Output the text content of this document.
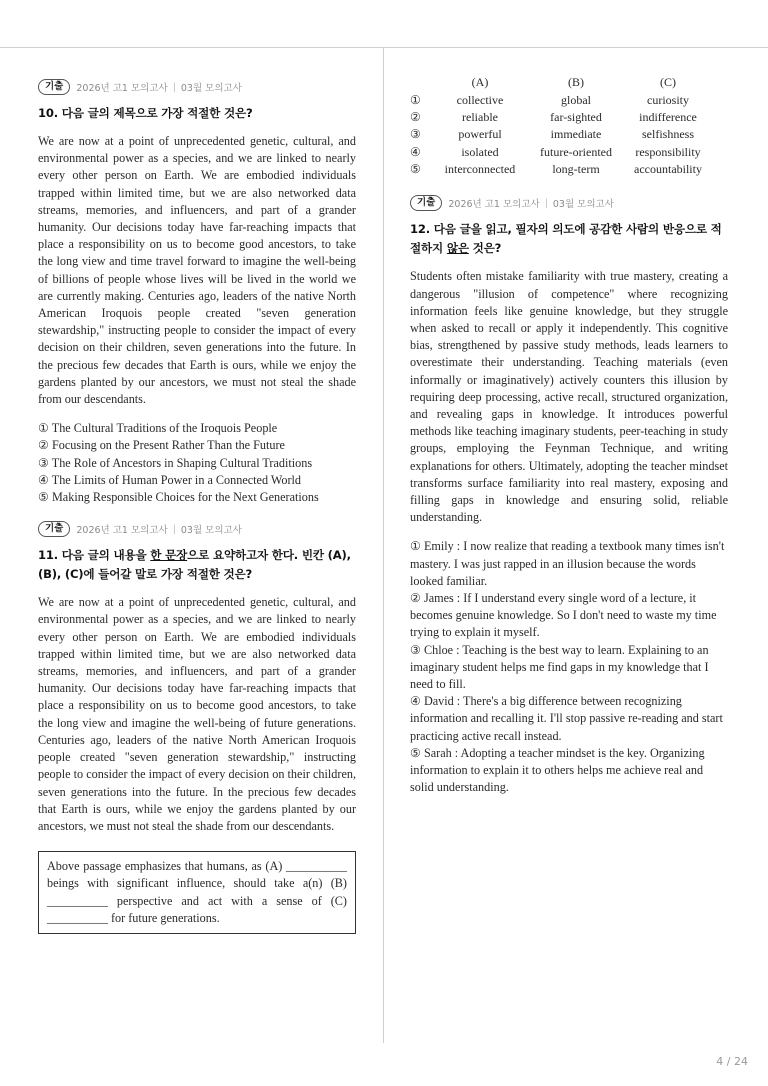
기출	2026년 고1 모의고사 | 03월 모의고사
10. 다음 글의 제목으로 가장 적절한 것은?

We are now at a point of unprecedented genetic, cultural, and environmental power as a species, and we are linked to nearly every other person on Earth. We are embodied individuals trapped within limited time, but we are also networked data streams, memories, and influencers, and part of a grander humanity. Our decisions today have far-reaching impacts that place a responsibility on us to become good ancestors, to take the long view and time travel forward to imagine the well-being of billions of people whose lives will be lived in the world we are currently making. Centuries ago, leaders of the native North American Iroquois people created "seven generation stewardship," instructing people to consider the impact of every decision on their children, seven generations into the future. In the precious few decades that Earth is ours, while we enjoy the gardens planted by our ancestors, we must not steal the shade from our descendants.

① The Cultural Traditions of the Iroquois People
② Focusing on the Present Rather Than the Future
③ The Role of Ancestors in Shaping Cultural Traditions
④ The Limits of Human Power in a Connected World
⑤ Making Responsible Choices for the Next Generations
기출	2026년 고1 모의고사 | 03월 모의고사
11. 다음 글의 내용을 한 문장으로 요약하고자 한다. 빈칸 (A), (B), (C)에 들어갈 말로 가장 적절한 것은?

We are now at a point of unprecedented genetic, cultural, and environmental power as a species, and we are linked to nearly every other person on Earth. We are embodied individuals trapped within limited time, but we are also networked data streams, memories, and influencers, and part of a grander humanity. Our decisions today have far-reaching impacts that place a responsibility on us to become good ancestors, to take the long view and imagine the well-being of future generations. Centuries ago, leaders of the native North American Iroquois people created "seven generation stewardship," instructing people to consider the impact of every decision on their children, seven generations into the future. In the precious few decades that Earth is ours, while we enjoy the gardens planted by our ancestors, we must not steal the shade from our descendants.

Above passage emphasizes that humans, as (A) __________ beings with significant influence, should take a(n) (B) __________ perspective and act with a sense of (C) __________ for future generations.
	(A)	(B)	(C)
①	collective	global	curiosity
②	reliable	far-sighted	indifference
③	powerful	immediate	selfishness
④	isolated	future-oriented	responsibility
⑤	interconnected	long-term	accountability
기출	2026년 고1 모의고사 | 03월 모의고사
12. 다음 글을 읽고, 필자의 의도에 공감한 사람의 반응으로 적절하지 않은 것은?

Students often mistake familiarity with true mastery, creating a dangerous "illusion of competence" where recognizing information feels like genuine knowledge, but they struggle when asked to recall or apply it independently. This cognitive bias, strengthened by passive study methods, leads learners to overestimate their understanding. Teaching materials (even informally or imaginatively) actively counters this illusion by requiring deep processing, active recall, structured organization, and revealing gaps in knowledge. It introduces powerful methods like teaching imaginary students, peer-teaching in study groups, employing the Feynman Technique, and writing explanations for others. Ultimately, adopting the teacher mindset transforms surface familiarity into real mastery, exposing and filling gaps in knowledge and ensuring solid, reliable understanding.

① Emily : I now realize that reading a textbook many times isn't mastery. I was just rapped in an illusion because the words looked familiar.
② James : If I understand every single word of a lecture, it becomes genuine knowledge. So I don't need to waste my time trying to explain it myself.
③ Chloe : Teaching is the best way to learn. Explaining to an imaginary student helps me find gaps in my knowledge that I need to fill.
④ David : There's a big difference between recognizing information and recalling it. I'll stop passive re-reading and start practicing active recall instead.
⑤ Sarah : Adopting a teacher mindset is the key. Organizing information to explain it to others helps me achieve real and solid understanding.
4 / 24
